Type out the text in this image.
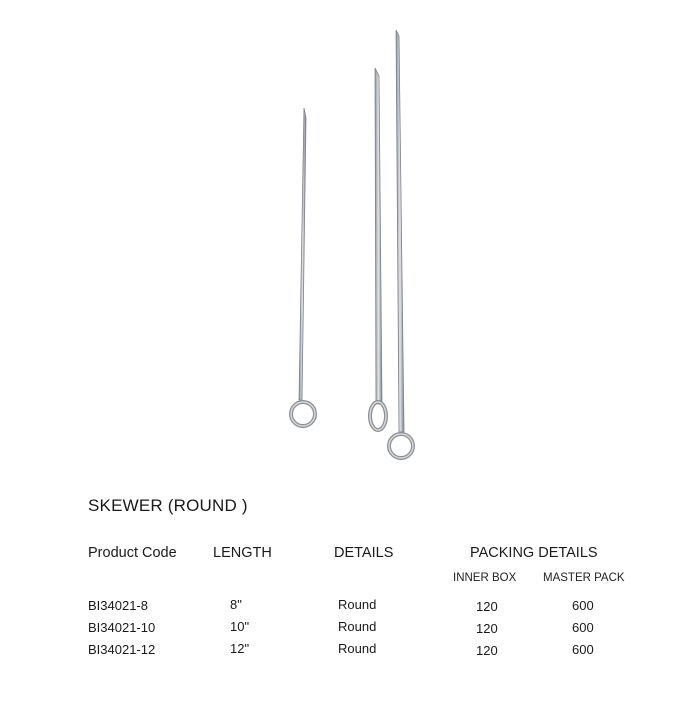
SKEWER (ROUND )
Product Code	LENGTH	DETAILS	PACKING DETAILS
INNER BOX MASTER PACK
BI34021-8	8"	Round	120	600
BI34021-10	10"	Round	120	600
BI34021-12	12"	Round	120	600
